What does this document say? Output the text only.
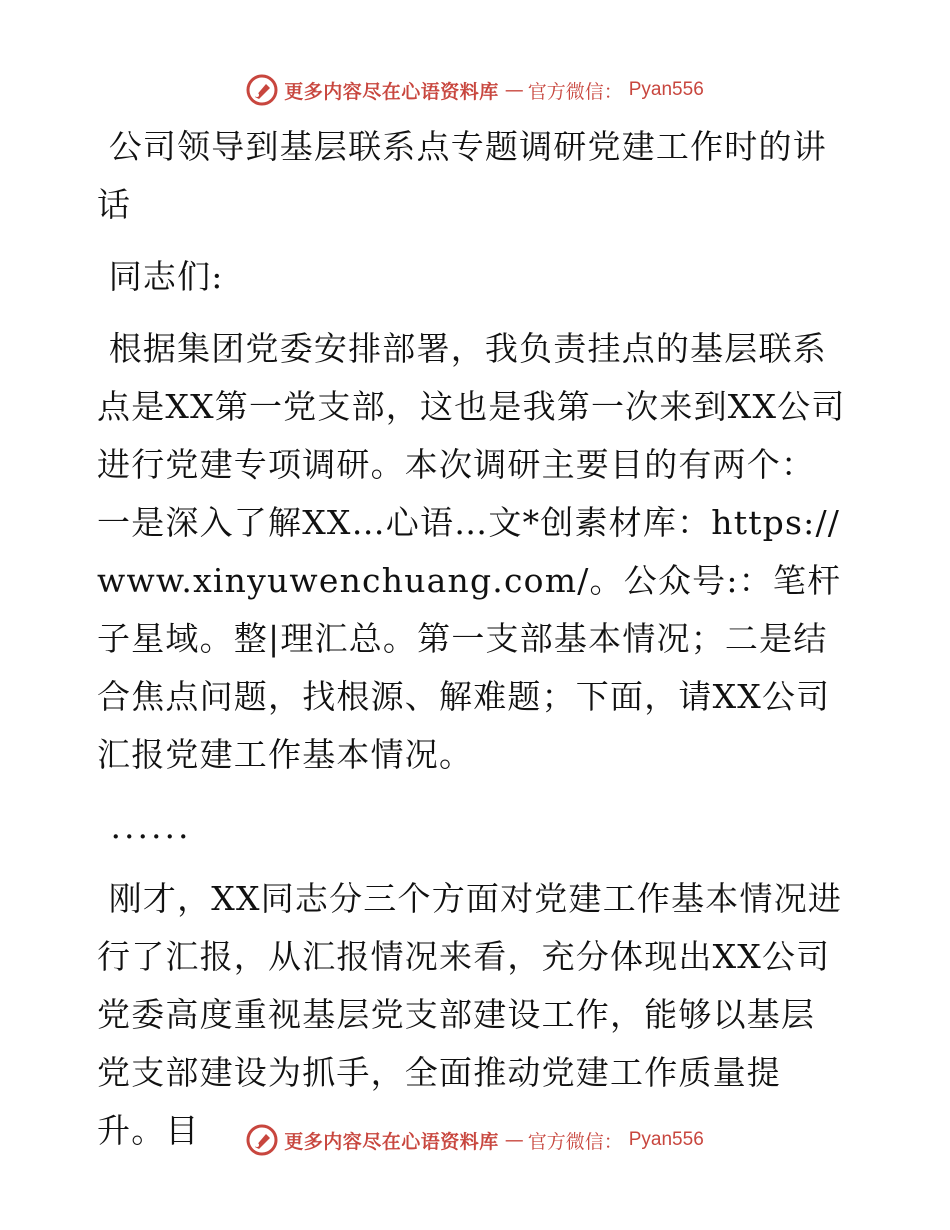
更多内容尽在心语资料库 — 官方微信： Pyan556

公司领导到基层联系点专题调研党建工作时的讲话

同志们:

根据集团党委安排部署，我负责挂点的基层联系点是XX第一党支部，这也是我第一次来到XX公司进行党建专项调研。本次调研主要目的有两个：一是深入了解XX…心语…文*创素材库：https://www.xinyuwenchuang.com/。公众号:：笔杆子星域。整|理汇总。第一支部基本情况；二是结合焦点问题，找根源、解难题；下面，请XX公司汇报党建工作基本情况。

......

刚才，XX同志分三个方面对党建工作基本情况进行了汇报，从汇报情况来看，充分体现出XX公司党委高度重视基层党支部建设工作，能够以基层党支部建设为抓手，全面推动党建工作质量提升。目	更多内容尽在心语资料库 — 官方微信： Pyan556
